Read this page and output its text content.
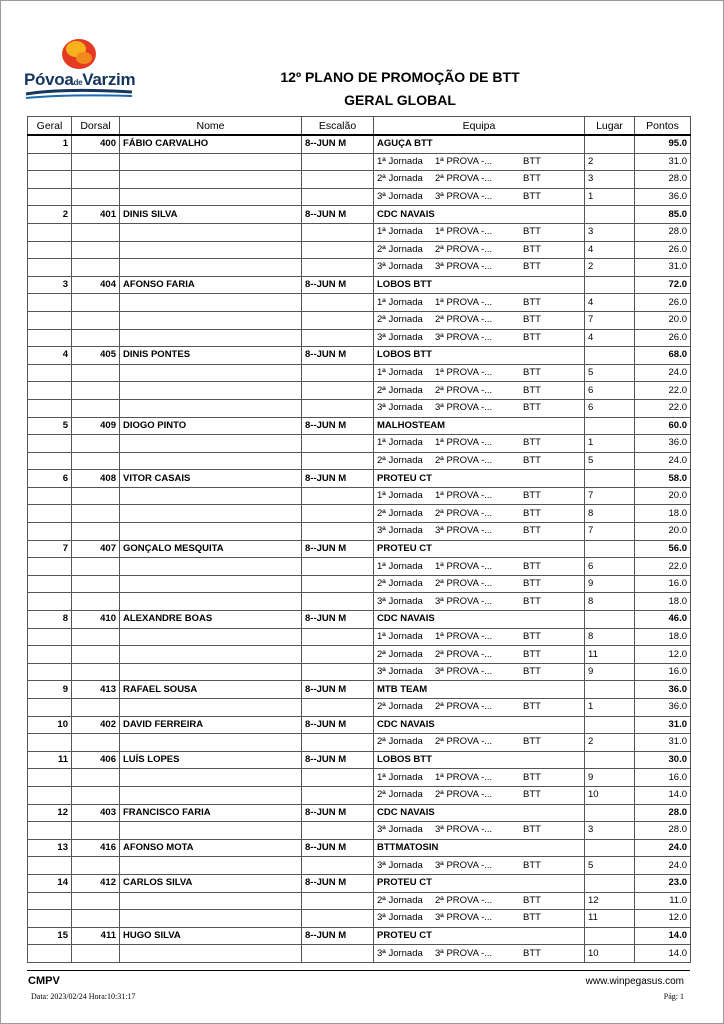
PóvoadeVarzim	12º PLANO DE PROMOÇÃO DE BTT
GERAL GLOBAL
Geral	Dorsal	Nome	Escalão	Equipa	Lugar	Pontos
1	400	FÁBIO CARVALHO	8--JUN M	AGUÇA BTT		95.0
				1ª Jornada 1ª PROVA -... BTT	2	31.0
				2ª Jornada 2ª PROVA -... BTT	3	28.0
				3ª Jornada 3ª PROVA -... BTT	1	36.0
2	401	DINIS SILVA	8--JUN M	CDC NAVAIS		85.0
				1ª Jornada 1ª PROVA -... BTT	3	28.0
				2ª Jornada 2ª PROVA -... BTT	4	26.0
				3ª Jornada 3ª PROVA -... BTT	2	31.0
3	404	AFONSO FARIA	8--JUN M	LOBOS BTT		72.0
				1ª Jornada 1ª PROVA -... BTT	4	26.0
				2ª Jornada 2ª PROVA -... BTT	7	20.0
				3ª Jornada 3ª PROVA -... BTT	4	26.0
4	405	DINIS PONTES	8--JUN M	LOBOS BTT		68.0
				1ª Jornada 1ª PROVA -... BTT	5	24.0
				2ª Jornada 2ª PROVA -... BTT	6	22.0
				3ª Jornada 3ª PROVA -... BTT	6	22.0
5	409	DIOGO PINTO	8--JUN M	MALHOSTEAM		60.0
				1ª Jornada 1ª PROVA -... BTT	1	36.0
				2ª Jornada 2ª PROVA -... BTT	5	24.0
6	408	VITOR CASAIS	8--JUN M	PROTEU CT		58.0
				1ª Jornada 1ª PROVA -... BTT	7	20.0
				2ª Jornada 2ª PROVA -... BTT	8	18.0
				3ª Jornada 3ª PROVA -... BTT	7	20.0
7	407	GONÇALO MESQUITA	8--JUN M	PROTEU CT		56.0
				1ª Jornada 1ª PROVA -... BTT	6	22.0
				2ª Jornada 2ª PROVA -... BTT	9	16.0
				3ª Jornada 3ª PROVA -... BTT	8	18.0
8	410	ALEXANDRE BOAS	8--JUN M	CDC NAVAIS		46.0
				1ª Jornada 1ª PROVA -... BTT	8	18.0
				2ª Jornada 2ª PROVA -... BTT	11	12.0
				3ª Jornada 3ª PROVA -... BTT	9	16.0
9	413	RAFAEL SOUSA	8--JUN M	MTB TEAM		36.0
				2ª Jornada 2ª PROVA -... BTT	1	36.0
10	402	DAVID FERREIRA	8--JUN M	CDC NAVAIS		31.0
				2ª Jornada 2ª PROVA -... BTT	2	31.0
11	406	LUÍS LOPES	8--JUN M	LOBOS BTT		30.0
				1ª Jornada 1ª PROVA -... BTT	9	16.0
				2ª Jornada 2ª PROVA -... BTT	10	14.0
12	403	FRANCISCO FARIA	8--JUN M	CDC NAVAIS		28.0
				3ª Jornada 3ª PROVA -... BTT	3	28.0
13	416	AFONSO MOTA	8--JUN M	BTTMATOSIN		24.0
				3ª Jornada 3ª PROVA -... BTT	5	24.0
14	412	CARLOS SILVA	8--JUN M	PROTEU CT		23.0
				2ª Jornada 2ª PROVA -... BTT	12	11.0
				3ª Jornada 3ª PROVA -... BTT	11	12.0
15	411	HUGO SILVA	8--JUN M	PROTEU CT		14.0
				3ª Jornada 3ª PROVA -... BTT	10	14.0
CMPV	www.winpegasus.com
Data: 2023/02/24 Hora:10:31:17	Pág: 1
